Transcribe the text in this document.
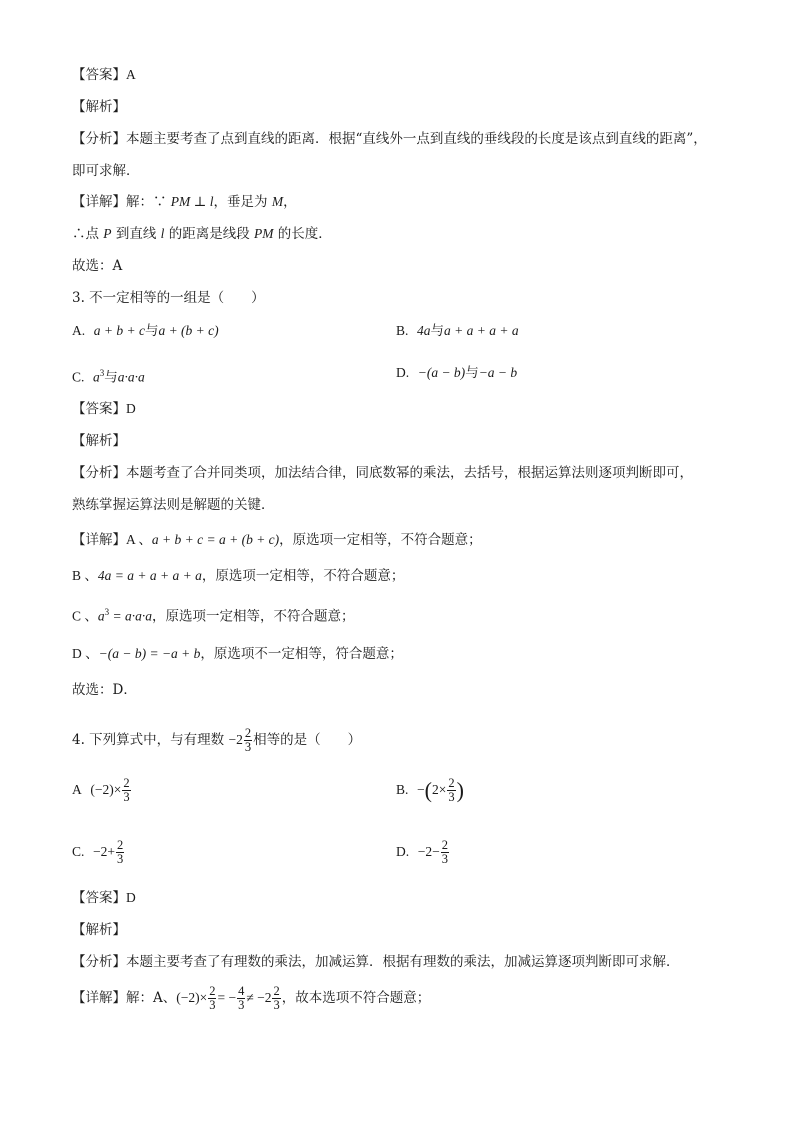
【答案】A
【解析】
【分析】本题主要考查了点到直线的距离．根据“直线外一点到直线的垂线段的长度是该点到直线的距离”，
即可求解．
【详解】解：∵ PM ⊥ l，垂足为 M，
∴点 P 到直线 l 的距离是线段 PM 的长度．
故选：A
3. 不一定相等的一组是（　　）
A. a + b + c与a + (b + c)	B. 4a与a + a + a + a
C. $a^3$与a·a·a	D. −(a − b)与−a − b
【答案】D
【解析】
【分析】本题考查了合并同类项，加法结合律，同底数幂的乘法，去括号，根据运算法则逐项判断即可，
熟练掌握运算法则是解题的关键．
【详解】A 、a + b + c = a + (b + c)，原选项一定相等，不符合题意；
B 、4a = a + a + a + a，原选项一定相等，不符合题意；
C 、$a^3 = a\cdot a\cdot a$，原选项一定相等，不符合题意；
D 、−(a − b) = −a + b，原选项不一定相等，符合题意；
故选：D．
4. 下列算式中，与有理数 $-2 \frac{2}{3}$ 相等的是（　　）
A $(-2)\times \frac{2}{3}$	B. $-(2\times \frac{2}{3}$ )
C. $-2+ \frac{2}{3}$	D. $-2- \frac{2}{3}$
【答案】D
【解析】
【分析】本题主要考查了有理数的乘法，加减运算．根据有理数的乘法，加减运算逐项判断即可求解．
【详解】解：A、$(-2)\times \frac{2}{3}$ = − $\frac{4}{3} \ne -2 \frac{2}{3}$ ，故本选项不符合题意；
